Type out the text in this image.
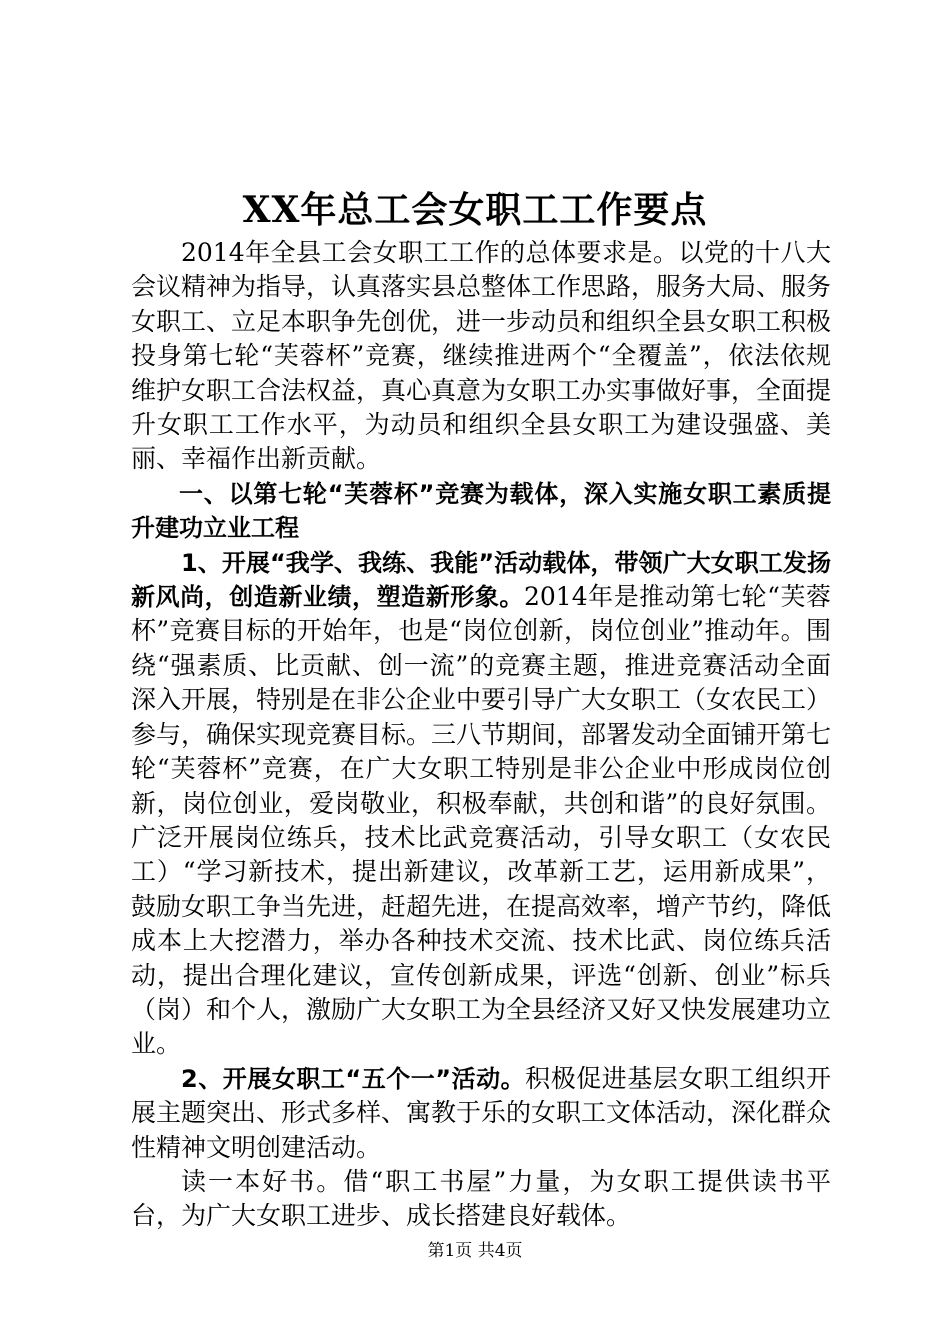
XX年总工会女职工工作要点

2014年全县工会女职工工作的总体要求是。以党的十八大会议精神为指导，认真落实县总整体工作思路，服务大局、服务女职工、立足本职争先创优，进一步动员和组织全县女职工积极投身第七轮“芙蓉杯”竞赛，继续推进两个“全覆盖”，依法依规维护女职工合法权益，真心真意为女职工办实事做好事，全面提升女职工工作水平，为动员和组织全县女职工为建设强盛、美丽、幸福作出新贡献。

一、以第七轮“芙蓉杯”竞赛为载体，深入实施女职工素质提升建功立业工程

1、开展“我学、我练、我能”活动载体，带领广大女职工发扬新风尚，创造新业绩，塑造新形象。2014年是推动第七轮“芙蓉杯”竞赛目标的开始年，也是“岗位创新，岗位创业”推动年。围绕“强素质、比贡献、创一流”的竞赛主题，推进竞赛活动全面深入开展，特别是在非公企业中要引导广大女职工（女农民工）参与，确保实现竞赛目标。三八节期间，部署发动全面铺开第七轮“芙蓉杯”竞赛，在广大女职工特别是非公企业中形成岗位创新，岗位创业，爱岗敬业，积极奉献，共创和谐”的良好氛围。广泛开展岗位练兵，技术比武竞赛活动，引导女职工（女农民工）“学习新技术，提出新建议，改革新工艺，运用新成果”，鼓励女职工争当先进，赶超先进，在提高效率，增产节约，降低成本上大挖潜力，举办各种技术交流、技术比武、岗位练兵活动，提出合理化建议，宣传创新成果，评选“创新、创业”标兵（岗）和个人，激励广大女职工为全县经济又好又快发展建功立业。

2、开展女职工“五个一”活动。积极促进基层女职工组织开展主题突出、形式多样、寓教于乐的女职工文体活动，深化群众性精神文明创建活动。

读一本好书。借“职工书屋”力量，为女职工提供读书平台，为广大女职工进步、成长搭建良好载体。

第1页 共4页
